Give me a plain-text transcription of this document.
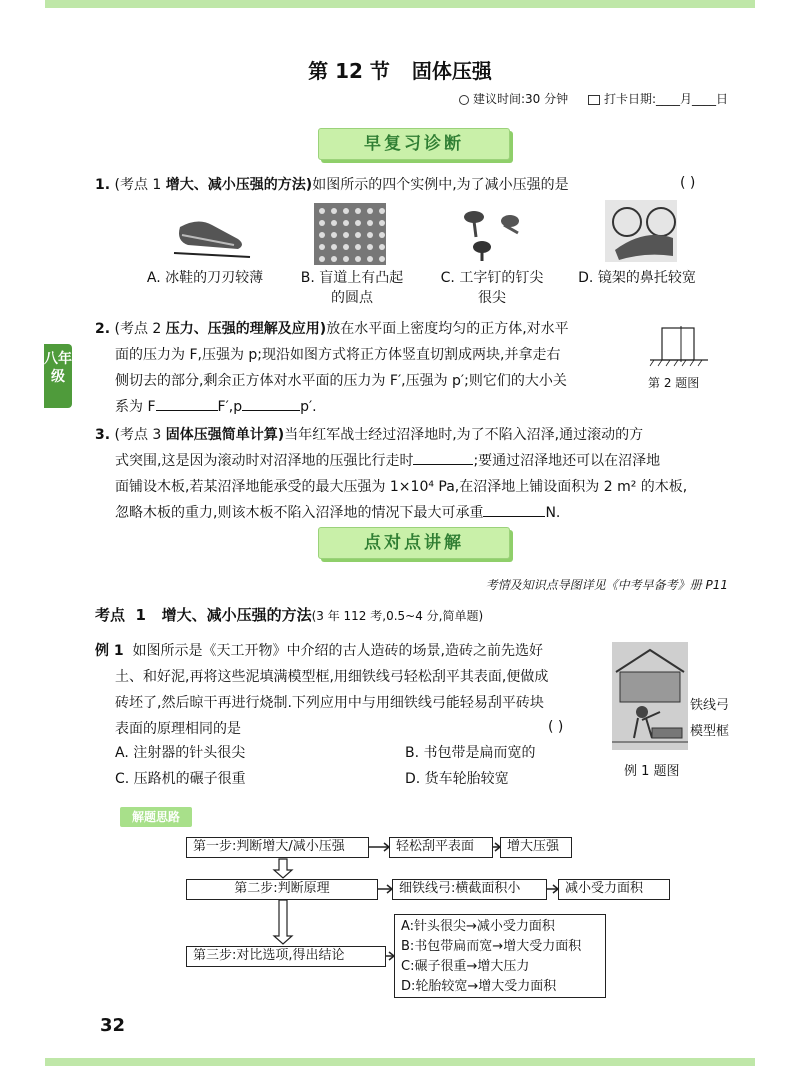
八年级
第 12 节 固体压强
建议时间:30 分钟	打卡日期:____月____日
早复习诊断
1. (考点 1 增大、减小压强的方法)如图所示的四个实例中,为了减小压强的是	( )
A. 冰鞋的刀刃较薄	B. 盲道上有凸起
的圆点
C. 工字钉的钉尖
很尖
D. 镜架的鼻托较宽
2. (考点 2 压力、压强的理解及应用)放在水平面上密度均匀的正方体,对水平
面的压力为 F,压强为 p;现沿如图方式将正方体竖直切割成两块,并拿走右
侧切去的部分,剩余正方体对水平面的压力为 F′,压强为 p′;则它们的大小关
系为 F	F′,p	p′.
第 2 题图
3. (考点 3 固体压强简单计算)当年红军战士经过沼泽地时,为了不陷入沼泽,通过滚动的方
式突围,这是因为滚动时对沼泽地的压强比行走时	;要通过沼泽地还可以在沼泽地
面铺设木板,若某沼泽地能承受的最大压强为 1×10⁴ Pa,在沼泽地上铺设面积为 2 m² 的木板,
忽略木板的重力,则该木板不陷入沼泽地的情况下最大可承重	N.
点对点讲解
考情及知识点导图详见《中考早备考》册 P11
考点 1 增大、减小压强的方法(3 年 112 考,0.5~4 分,简单题)
例 1 如图所示是《天工开物》中介绍的古人造砖的场景,造砖之前先选好
土、和好泥,再将这些泥填满模型框,用细铁线弓轻松刮平其表面,便做成
砖坯了,然后晾干再进行烧制.下列应用中与用细铁线弓能轻易刮平砖块
表面的原理相同的是	( )
A. 注射器的针头很尖	B. 书包带是扁而宽的
C. 压路机的碾子很重	D. 货车轮胎较宽
铁线弓
模型框
例 1 题图
解题思路
第一步:判断增大/减小压强	轻松刮平表面	增大压强
第二步:判断原理	细铁线弓:横截面积小	减小受力面积
第三步:对比选项,得出结论
A:针头很尖→减小受力面积
B:书包带扁而宽→增大受力面积
C:碾子很重→增大压力
D:轮胎较宽→增大受力面积
32
